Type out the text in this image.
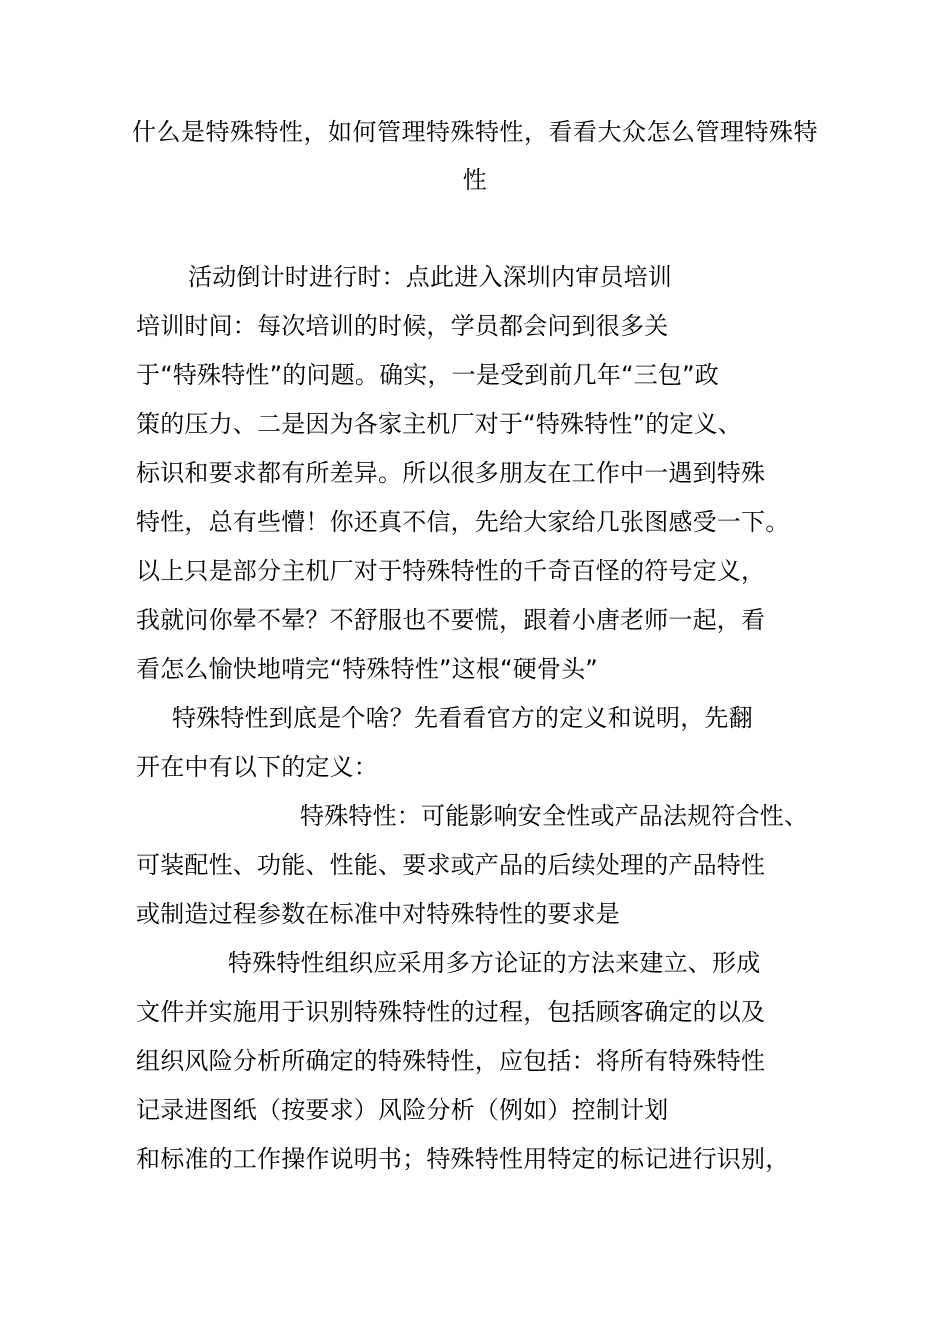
什么是特殊特性，如何管理特殊特性，看看大众怎么管理特殊特性
活动倒计时进行时：点此进入深圳内审员培训
培训时间：每次培训的时候，学员都会问到很多关
于“特殊特性”的问题。确实，一是受到前几年“三包”政
策的压力、二是因为各家主机厂对于“特殊特性”的定义、
标识和要求都有所差异。所以很多朋友在工作中一遇到特殊
特性，总有些懵！你还真不信，先给大家给几张图感受一下。
以上只是部分主机厂对于特殊特性的千奇百怪的符号定义，
我就问你晕不晕？不舒服也不要慌，跟着小唐老师一起，看
看怎么愉快地啃完“特殊特性”这根“硬骨头”
特殊特性到底是个啥？先看看官方的定义和说明，先翻
开在中有以下的定义：
特殊特性：可能影响安全性或产品法规符合性、
可装配性、功能、性能、要求或产品的后续处理的产品特性
或制造过程参数在标准中对特殊特性的要求是
特殊特性组织应采用多方论证的方法来建立、形成
文件并实施用于识别特殊特性的过程，包括顾客确定的以及
组织风险分析所确定的特殊特性，应包括：将所有特殊特性
记录进图纸（按要求）风险分析（例如）控制计划
和标准的工作操作说明书；特殊特性用特定的标记进行识别，
